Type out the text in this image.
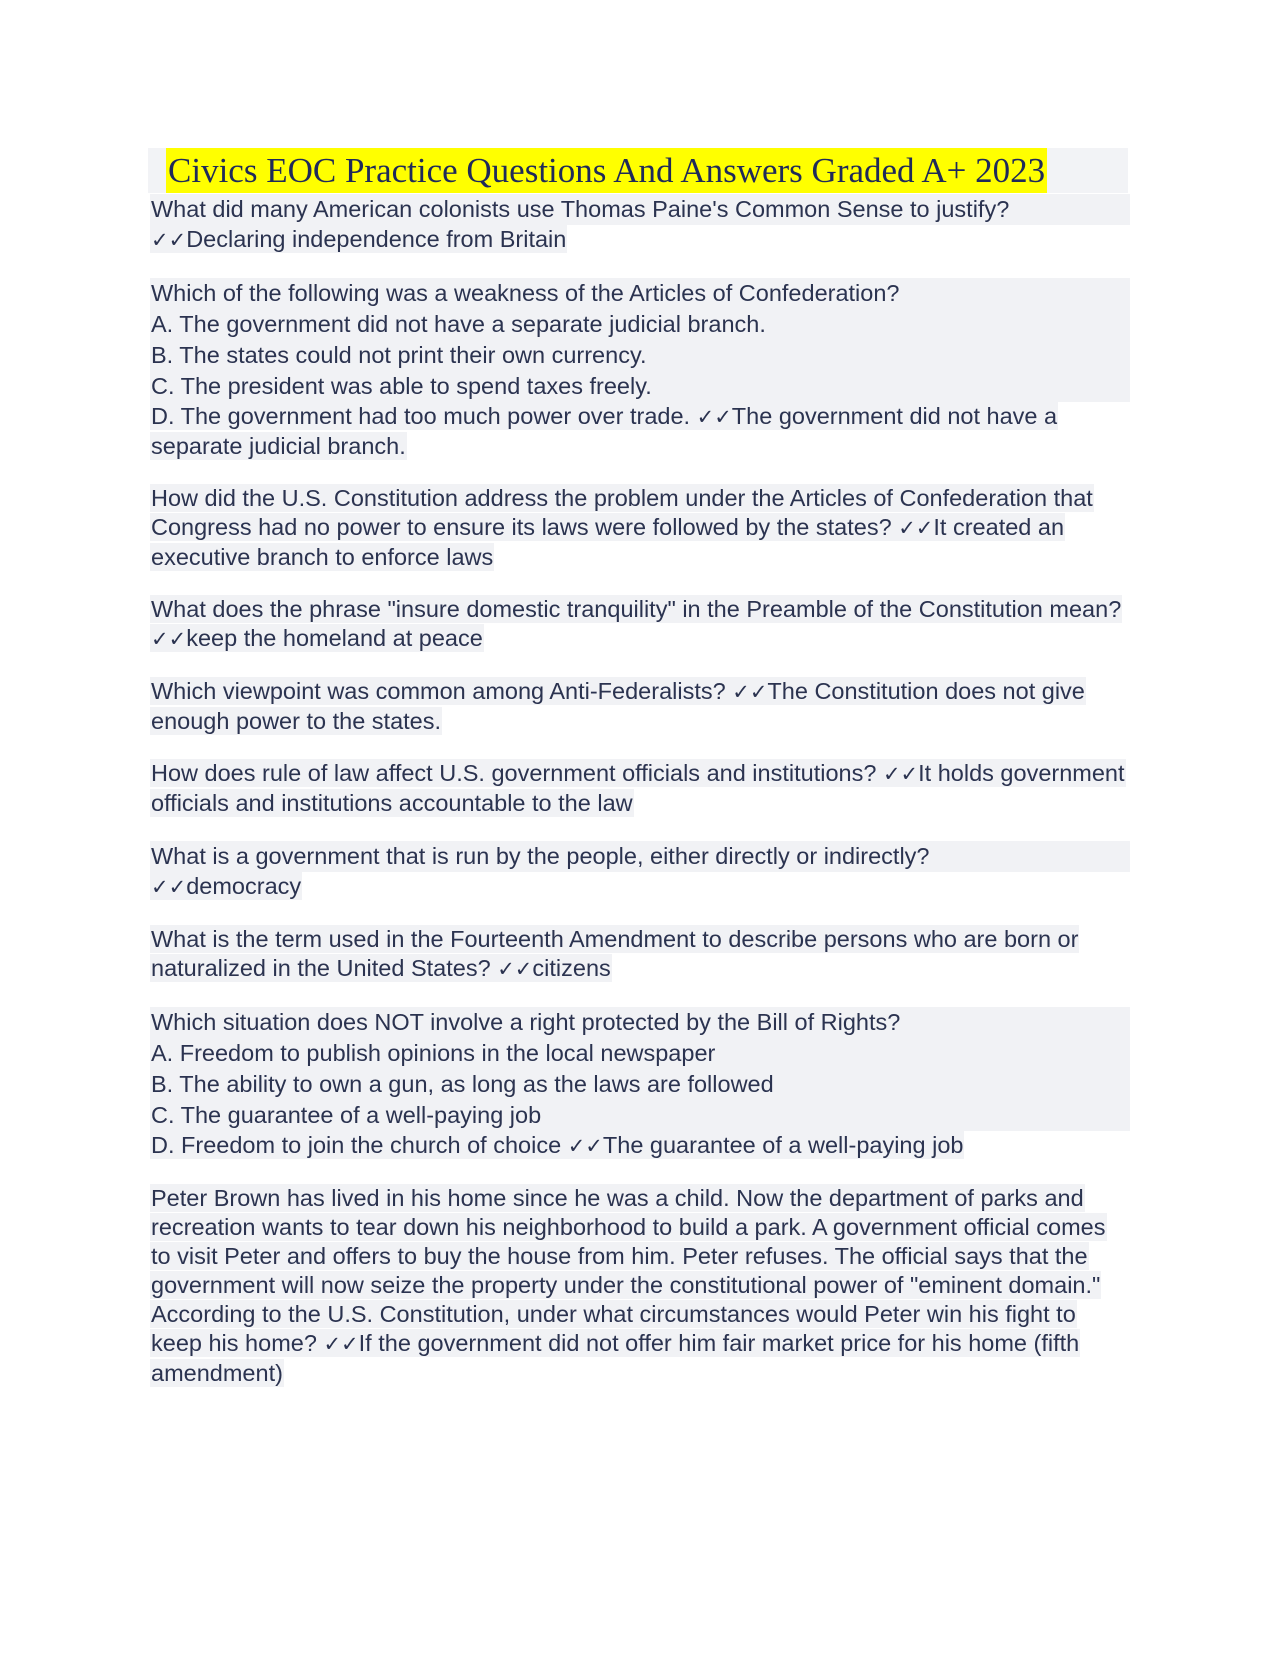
Civics EOC Practice Questions And Answers Graded A+ 2023
What did many American colonists use Thomas Paine's Common Sense to justify?
✓✓Declaring independence from Britain
Which of the following was a weakness of the Articles of Confederation?
A. The government did not have a separate judicial branch.
B. The states could not print their own currency.
C. The president was able to spend taxes freely.
D. The government had too much power over trade. ✓✓The government did not have a separate judicial branch.
How did the U.S. Constitution address the problem under the Articles of Confederation that Congress had no power to ensure its laws were followed by the states? ✓✓It created an executive branch to enforce laws
What does the phrase "insure domestic tranquility" in the Preamble of the Constitution mean? ✓✓keep the homeland at peace
Which viewpoint was common among Anti-Federalists? ✓✓The Constitution does not give enough power to the states.
How does rule of law affect U.S. government officials and institutions? ✓✓It holds government officials and institutions accountable to the law
What is a government that is run by the people, either directly or indirectly?
✓✓democracy
What is the term used in the Fourteenth Amendment to describe persons who are born or naturalized in the United States? ✓✓citizens
Which situation does NOT involve a right protected by the Bill of Rights?
A. Freedom to publish opinions in the local newspaper
B. The ability to own a gun, as long as the laws are followed
C. The guarantee of a well-paying job
D. Freedom to join the church of choice ✓✓The guarantee of a well-paying job
Peter Brown has lived in his home since he was a child. Now the department of parks and recreation wants to tear down his neighborhood to build a park. A government official comes to visit Peter and offers to buy the house from him. Peter refuses. The official says that the government will now seize the property under the constitutional power of "eminent domain." According to the U.S. Constitution, under what circumstances would Peter win his fight to keep his home? ✓✓If the government did not offer him fair market price for his home (fifth amendment)
